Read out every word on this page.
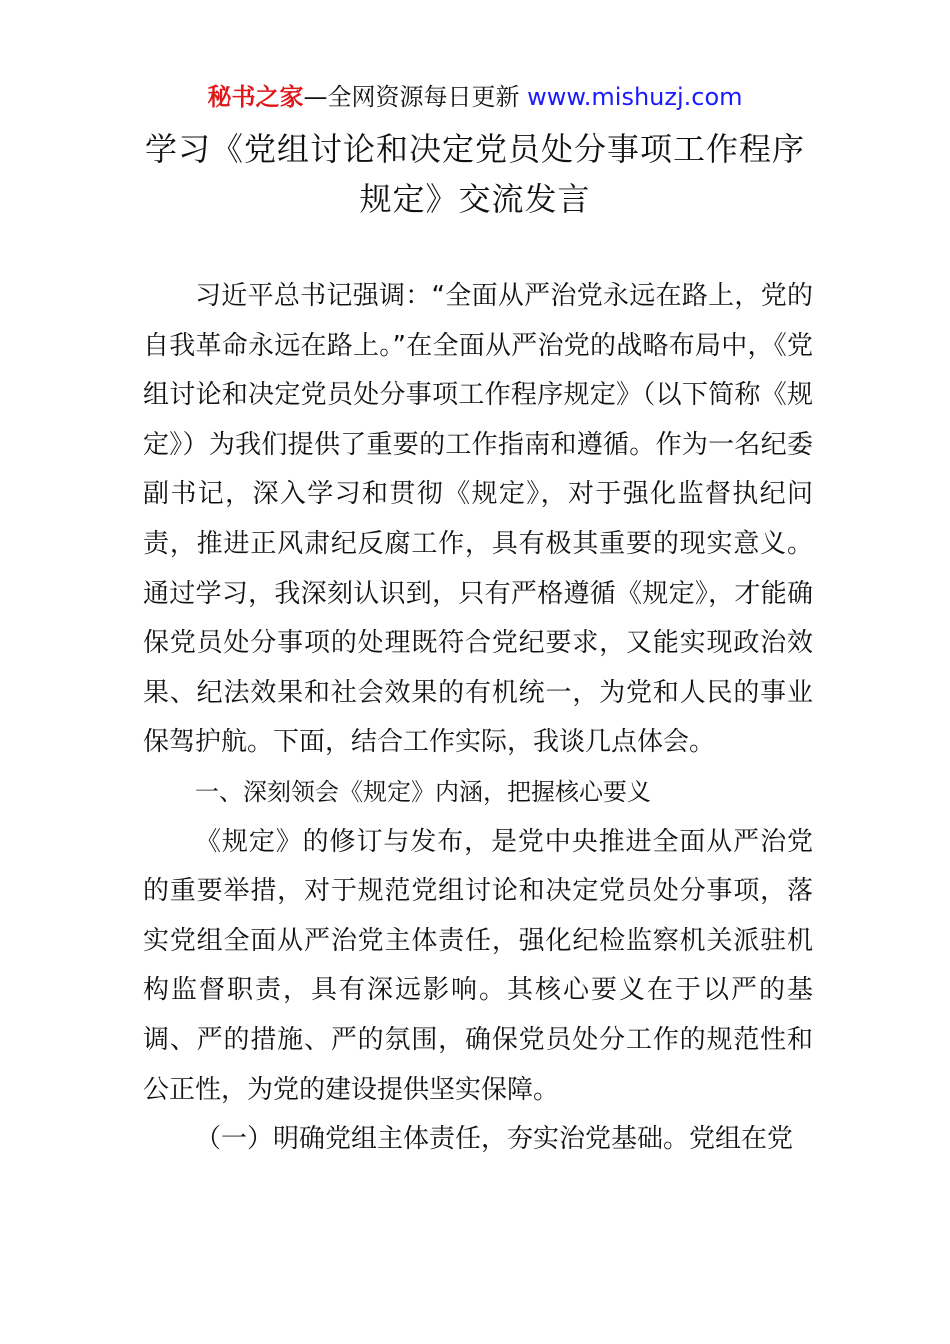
秘书之家—全网资源每日更新 www.mishuzj.com
学习《党组讨论和决定党员处分事项工作程序
规定》交流发言

习近平总书记强调：“全面从严治党永远在路上，党的自我革命永远在路上。”在全面从严治党的战略布局中，《党组讨论和决定党员处分事项工作程序规定》（以下简称《规定》）为我们提供了重要的工作指南和遵循。作为一名纪委副书记，深入学习和贯彻《规定》，对于强化监督执纪问责，推进正风肃纪反腐工作，具有极其重要的现实意义。通过学习，我深刻认识到，只有严格遵循《规定》，才能确保党员处分事项的处理既符合党纪要求，又能实现政治效果、纪法效果和社会效果的有机统一，为党和人民的事业保驾护航。下面，结合工作实际，我谈几点体会。

一、深刻领会《规定》内涵，把握核心要义

《规定》的修订与发布，是党中央推进全面从严治党的重要举措，对于规范党组讨论和决定党员处分事项，落实党组全面从严治党主体责任，强化纪检监察机关派驻机构监督职责，具有深远影响。其核心要义在于以严的基调、严的措施、严的氛围，确保党员处分工作的规范性和公正性，为党的建设提供坚实保障。

（一）明确党组主体责任，夯实治党基础。党组在党
